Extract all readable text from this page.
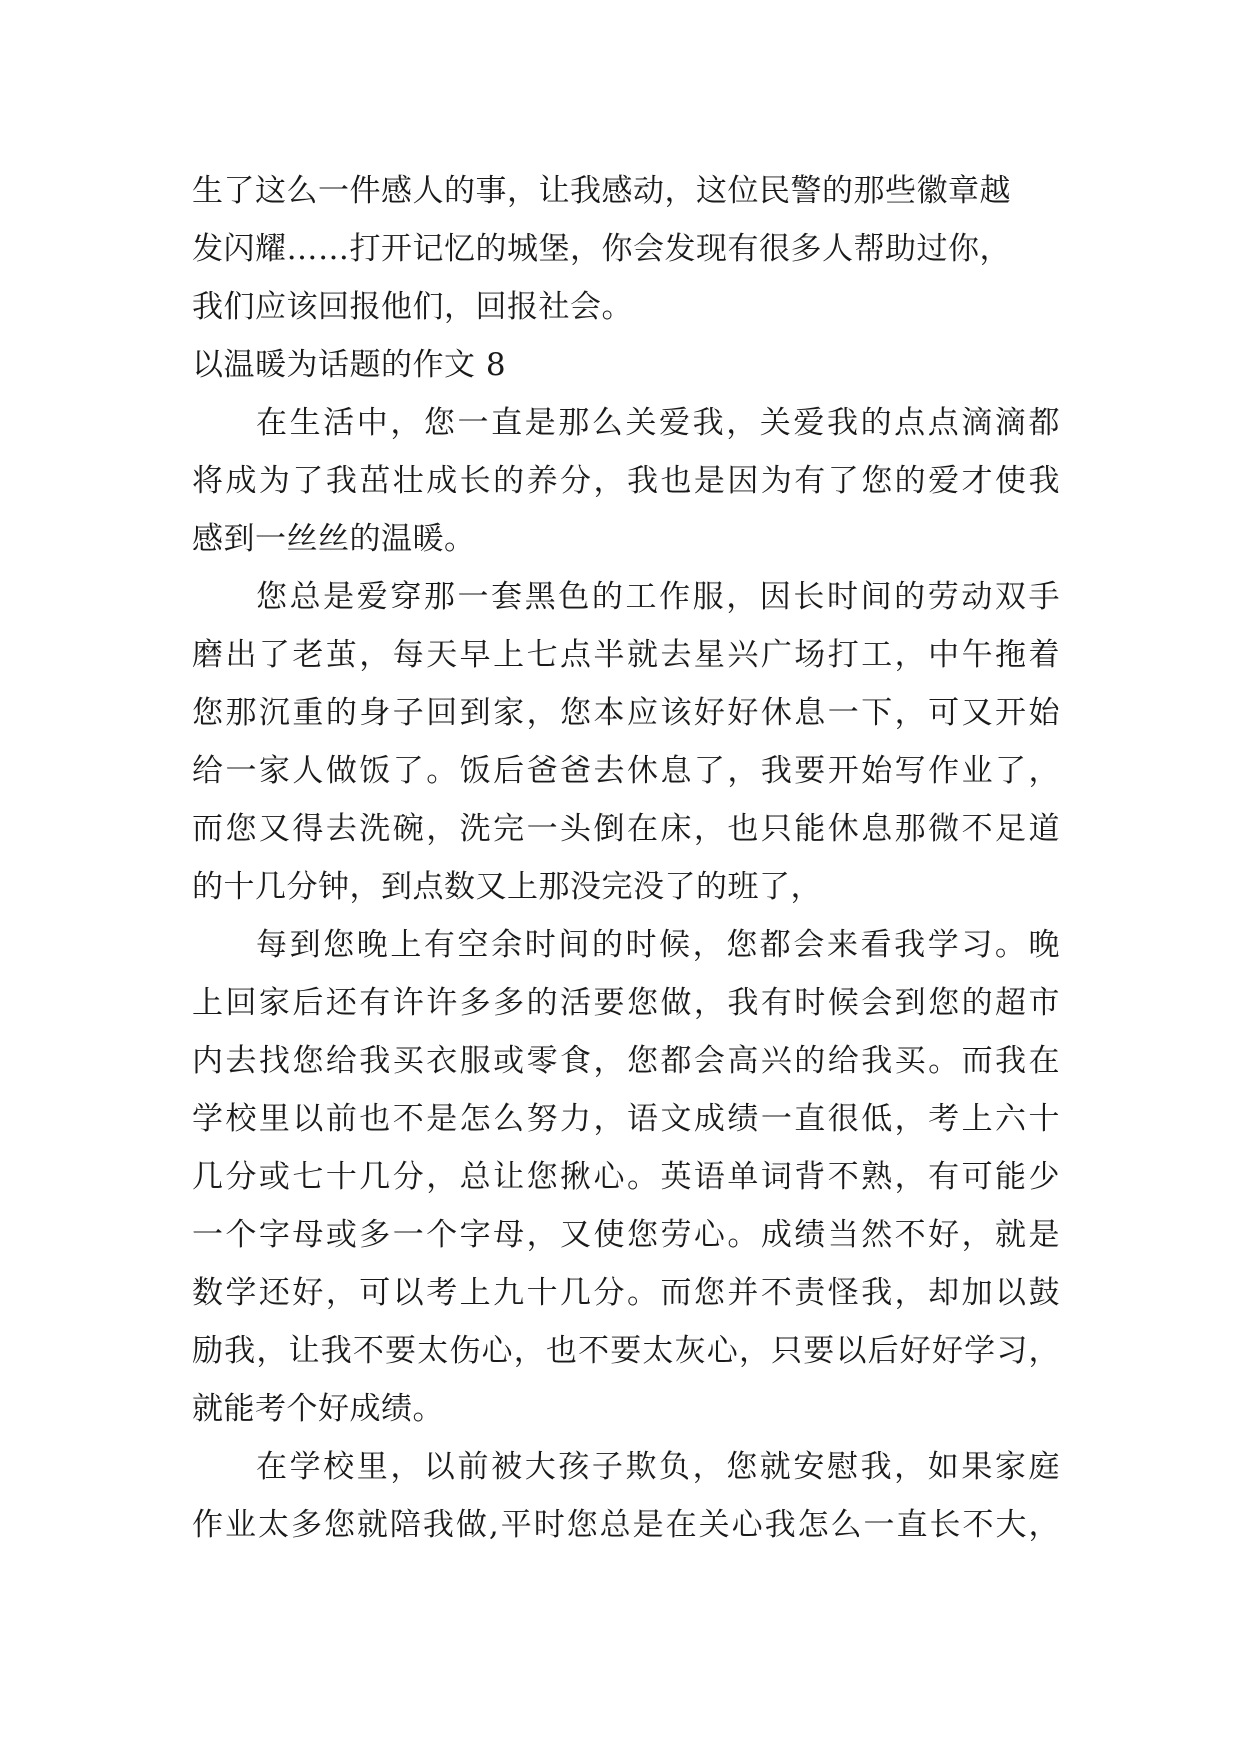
生了这么一件感人的事，让我感动，这位民警的那些徽章越
发闪耀……打开记忆的城堡，你会发现有很多人帮助过你，
我们应该回报他们，回报社会。
以温暖为话题的作文 8
在生活中，您一直是那么关爱我，关爱我的点点滴滴都
将成为了我茁壮成长的养分，我也是因为有了您的爱才使我
感到一丝丝的温暖。
您总是爱穿那一套黑色的工作服，因长时间的劳动双手
磨出了老茧，每天早上七点半就去星兴广场打工，中午拖着
您那沉重的身子回到家，您本应该好好休息一下，可又开始
给一家人做饭了。饭后爸爸去休息了，我要开始写作业了，
而您又得去洗碗，洗完一头倒在床，也只能休息那微不足道
的十几分钟，到点数又上那没完没了的班了，
每到您晚上有空余时间的时候，您都会来看我学习。晚
上回家后还有许许多多的活要您做，我有时候会到您的超市
内去找您给我买衣服或零食，您都会高兴的给我买。而我在
学校里以前也不是怎么努力，语文成绩一直很低，考上六十
几分或七十几分，总让您揪心。英语单词背不熟，有可能少
一个字母或多一个字母，又使您劳心。成绩当然不好，就是
数学还好，可以考上九十几分。而您并不责怪我，却加以鼓
励我，让我不要太伤心，也不要太灰心，只要以后好好学习，
就能考个好成绩。
在学校里，以前被大孩子欺负，您就安慰我，如果家庭
作业太多您就陪我做,平时您总是在关心我怎么一直长不大，
